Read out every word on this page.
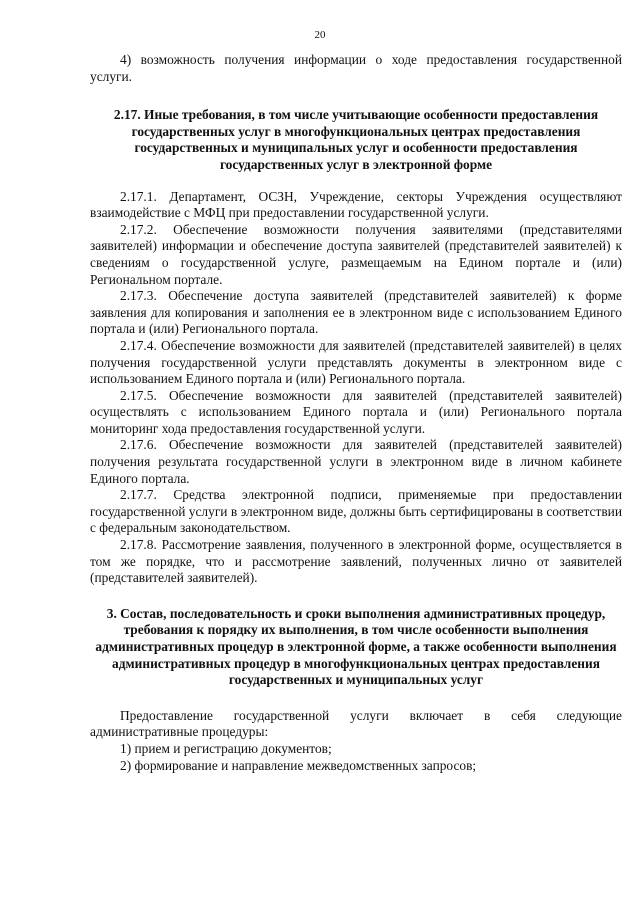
20

4) возможность получения информации о ходе предоставления государственной услуги.

2.17. Иные требования, в том числе учитывающие особенности предоставления государственных услуг в многофункциональных центрах предоставления государственных и муниципальных услуг и особенности предоставления государственных услуг в электронной форме

2.17.1. Департамент, ОСЗН, Учреждение, секторы Учреждения осуществляют взаимодействие с МФЦ при предоставлении государственной услуги.

2.17.2. Обеспечение возможности получения заявителями (представителями заявителей) информации и обеспечение доступа заявителей (представителей заявителей) к сведениям о государственной услуге, размещаемым на Едином портале и (или) Региональном портале.

2.17.3. Обеспечение доступа заявителей (представителей заявителей) к форме заявления для копирования и заполнения ее в электронном виде с использованием Единого портала и (или) Регионального портала.

2.17.4. Обеспечение возможности для заявителей (представителей заявителей) в целях получения государственной услуги представлять документы в электронном виде с использованием Единого портала и (или) Регионального портала.

2.17.5. Обеспечение возможности для заявителей (представителей заявителей) осуществлять с использованием Единого портала и (или) Регионального портала мониторинг хода предоставления государственной услуги.

2.17.6. Обеспечение возможности для заявителей (представителей заявителей) получения результата государственной услуги в электронном виде в личном кабинете Единого портала.

2.17.7. Средства электронной подписи, применяемые при предоставлении государственной услуги в электронном виде, должны быть сертифицированы в соответствии с федеральным законодательством.

2.17.8. Рассмотрение заявления, полученного в электронной форме, осуществляется в том же порядке, что и рассмотрение заявлений, полученных лично от заявителей (представителей заявителей).

3. Состав, последовательность и сроки выполнения административных процедур, требования к порядку их выполнения, в том числе особенности выполнения административных процедур в электронной форме, а также особенности выполнения административных процедур в многофункциональных центрах предоставления государственных и муниципальных услуг

Предоставление государственной услуги включает в себя следующие административные процедуры:

1) прием и регистрацию документов;

2) формирование и направление межведомственных запросов;
